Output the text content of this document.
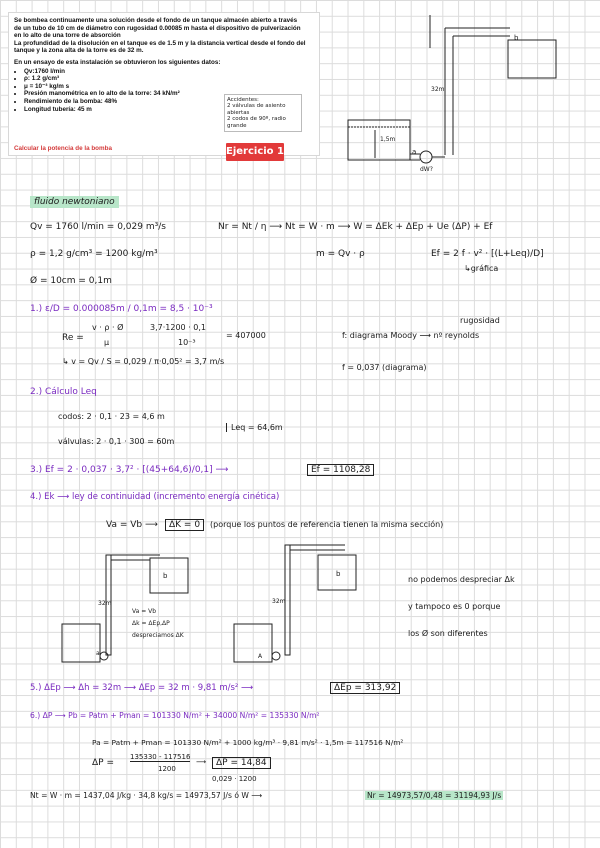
Se bombea continuamente una solución desde el fondo de un tanque almacén abierto a través

de un tubo de 10 cm de diámetro con rugosidad 0.00085 m hasta el dispositivo de pulverización

en lo alto de una torre de absorción

La profundidad de la disolución en el tanque es de 1.5 m y la distancia vertical desde el fondo del

tanque y la zona alta de la torre es de 32 m.

En un ensayo de esta instalación se obtuvieron los siguientes datos:

• Qv:1760 l/min
• ρ: 1.2 g/cm³
• μ = 10⁻³ kg/m s
• Presión manométrica en lo alto de la torre: 34 kN/m²
• Rendimiento de la bomba: 48%
• Longitud tubería: 45 m
Calcular la potencia de la bomba
Accidentes:
2 válvulas de asiento abiertas
2 codos de 90º, radio grande
Ejercicio 1
b
32m
1,5m
a
dW?
fluido newtoniano
Qv = 1760 l/min = 0,029 m³/s	Nr = Nt / η ⟶ Nt = W · m ⟶ W = ΔEk + ΔEp + Ue (ΔP) + Ef
ρ = 1,2 g/cm³ = 1200 kg/m³	m = Qv · ρ	Ef = 2 f · v² · [(L+Leq)/D]
↳gráfica
Ø = 10cm = 0,1m
1.) ε/D = 0.000085m / 0,1m = 8,5 · 10⁻³
Re =
v · ρ · Ø
μ
3,7·1200 · 0,1
10⁻³
= 407000
↳ v = Qv / S = 0,029 / π·0,05² = 3,7 m/s
rugosidad
f: diagrama Moody ⟶ nº reynolds
f = 0,037 (diagrama)
2.) Cálculo Leq
codos: 2 · 0,1 · 23 = 4,6 m
válvulas: 2 · 0,1 · 300 = 60m
Leq = 64,6m
3.) Ef = 2 · 0,037 · 3,7² · [(45+64,6)/0,1] ⟶	Ef = 1108,28
4.) Ek ⟶ ley de continuidad (incremento energía cinética)
Va = Vb ⟶	ΔK = 0	(porque los puntos de referencia tienen la misma sección)
Va = Vb
Δk = ΔEp,ΔP
despreciamos ΔK
b	b
32m	32m
a	A
no podemos despreciar Δk
y tampoco es 0 porque
los Ø son diferentes
5.) ΔEp ⟶ Δh = 32m ⟶ ΔEp = 32 m · 9,81 m/s² ⟶	ΔEp = 313,92
6.) ΔP ⟶ Pb = Patm + Pman = 101330 N/m² + 34000 N/m² = 135330 N/m²
Pa = Patm + Pman = 101330 N/m² + 1000 kg/m³ · 9,81 m/s² · 1,5m = 117516 N/m²
ΔP =
135330 - 117516
1200
⟶	ΔP = 14,84
0,029 · 1200
Nt = W · m = 1437,04 J/kg · 34,8 kg/s = 14973,57 J/s ó W ⟶	Nr = 14973,57/0,48 = 31194,93 J/s
